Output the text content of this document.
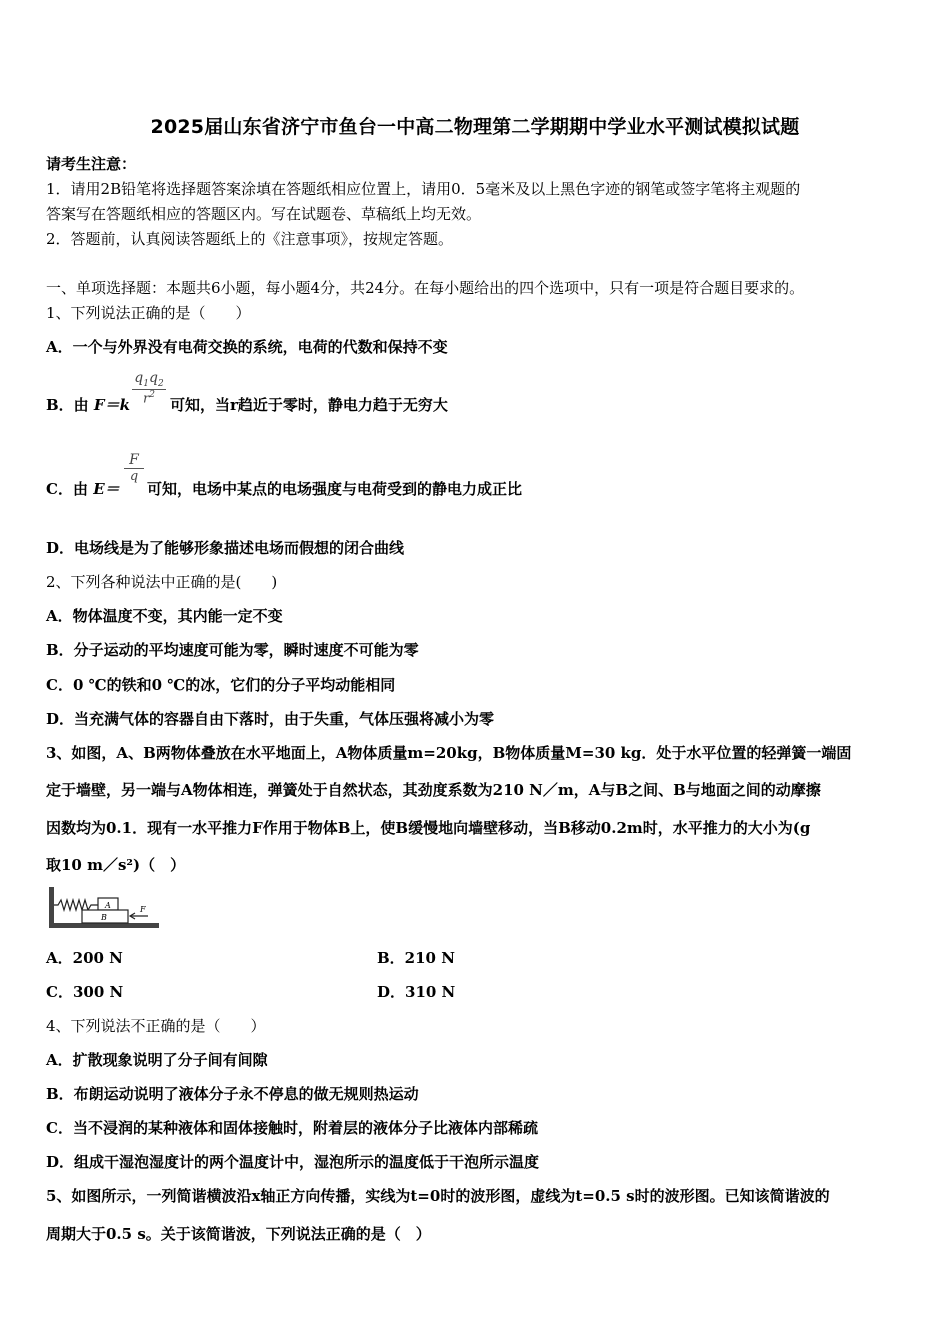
2025届山东省济宁市鱼台一中高二物理第二学期期中学业水平测试模拟试题
请考生注意：
1．请用2B铅笔将选择题答案涂填在答题纸相应位置上，请用0．5毫米及以上黑色字迹的钢笔或签字笔将主观题的
答案写在答题纸相应的答题区内。写在试题卷、草稿纸上均无效。
2．答题前，认真阅读答题纸上的《注意事项》，按规定答题。
一、单项选择题：本题共6小题，每小题4分，共24分。在每小题给出的四个选项中，只有一项是符合题目要求的。
1、下列说法正确的是（　　）
A．一个与外界没有电荷交换的系统，电荷的代数和保持不变
B．由 F＝k
$q_1q_2$
$r^2$
可知，当r趋近于零时，静电力趋于无穷大
C．由 E＝
F
q
可知，电场中某点的电场强度与电荷受到的静电力成正比
D．电场线是为了能够形象描述电场而假想的闭合曲线
2、下列各种说法中正确的是(　　)
A．物体温度不变，其内能一定不变
B．分子运动的平均速度可能为零，瞬时速度不可能为零
C．0 ℃的铁和0 ℃的冰，它们的分子平均动能相同
D．当充满气体的容器自由下落时，由于失重，气体压强将减小为零
3、如图，A、B两物体叠放在水平地面上，A物体质量m=20kg，B物体质量M=30 kg．处于水平位置的轻弹簧一端固
定于墙壁，另一端与A物体相连，弹簧处于自然状态，其劲度系数为210 N／m，A与B之间、B与地面之间的动摩擦
因数均为0.1．现有一水平推力F作用于物体B上，使B缓慢地向墙壁移动，当B移动0.2m时，水平推力的大小为(g
取10 m／s²)（　）
A
B
F
A．200 N	B．210 N
C．300 N	D．310 N
4、下列说法不正确的是（　　）
A．扩散现象说明了分子间有间隙
B．布朗运动说明了液体分子永不停息的做无规则热运动
C．当不浸润的某种液体和固体接触时，附着层的液体分子比液体内部稀疏
D．组成干湿泡湿度计的两个温度计中，湿泡所示的温度低于干泡所示温度
5、如图所示，一列简谐横波沿x轴正方向传播，实线为t=0时的波形图，虚线为t=0.5 s时的波形图。已知该简谐波的
周期大于0.5 s。关于该简谐波，下列说法正确的是（　）
